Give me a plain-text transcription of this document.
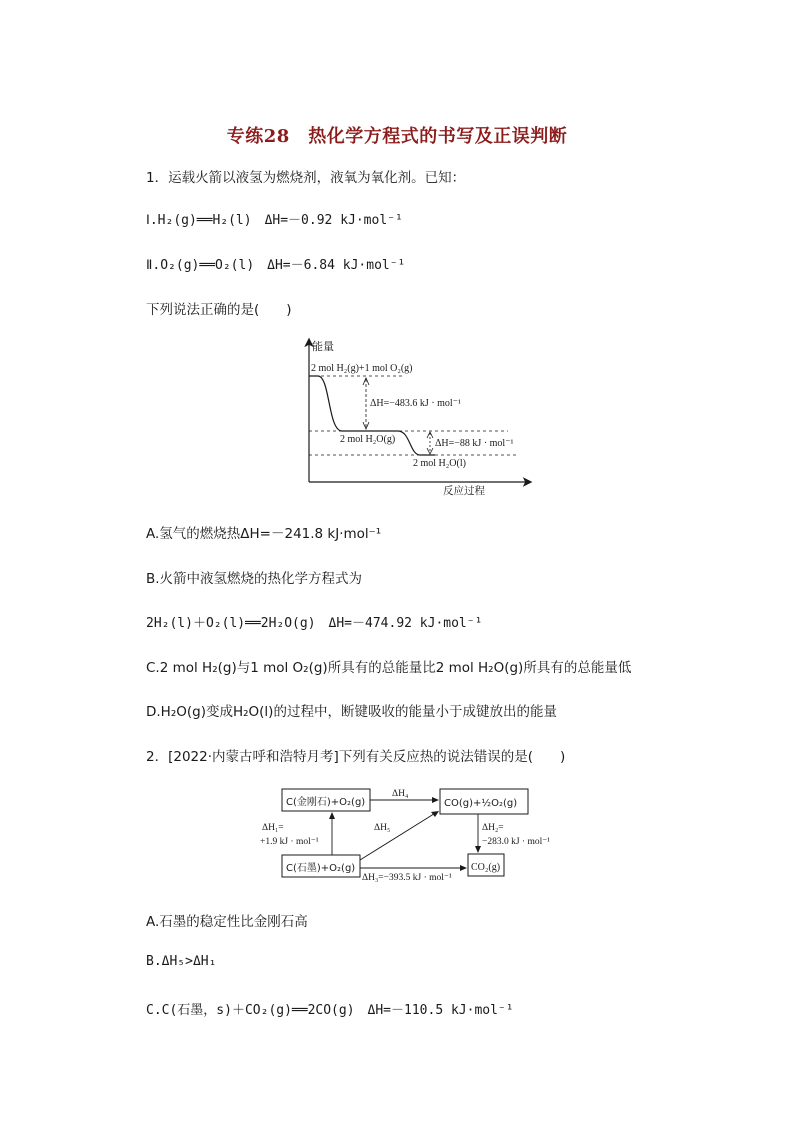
专练28　热化学方程式的书写及正误判断
1．运载火箭以液氢为燃烧剂，液氧为氧化剂。已知：
Ⅰ.H₂(g)══H₂(l)　ΔH=－0.92 kJ·mol⁻¹
Ⅱ.O₂(g)══O₂(l)　ΔH=－6.84 kJ·mol⁻¹
下列说法正确的是(　　)
能量
反应过程
2 mol H₂(g)+1 mol O₂(g)
2 mol H₂O(g)
2 mol H₂O(l)
ΔH=−483.6 kJ · mol⁻¹
ΔH=−88 kJ · mol⁻¹
A.氢气的燃烧热ΔH=－241.8 kJ·mol⁻¹
B.火箭中液氢燃烧的热化学方程式为
2H₂(l)＋O₂(l)══2H₂O(g)　ΔH=－474.92 kJ·mol⁻¹
C.2 mol H₂(g)与1 mol O₂(g)所具有的总能量比2 mol H₂O(g)所具有的总能量低
D.H₂O(g)变成H₂O(l)的过程中，断键吸收的能量小于成键放出的能量
2．[2022·内蒙古呼和浩特月考]下列有关反应热的说法错误的是(　　)
C(金刚石)+O₂(g)	CO(g)+½O₂(g)
C(石墨)+O₂(g)	CO₂(g)
ΔH₄
ΔH₁=
+1.9 kJ · mol⁻¹
ΔH₅	ΔH₂=
−283.0 kJ · mol⁻¹
ΔH₃=−393.5 kJ · mol⁻¹
A.石墨的稳定性比金刚石高
B.ΔH₅>ΔH₁
C.C(石墨，s)＋CO₂(g)══2CO(g)　ΔH=－110.5 kJ·mol⁻¹
